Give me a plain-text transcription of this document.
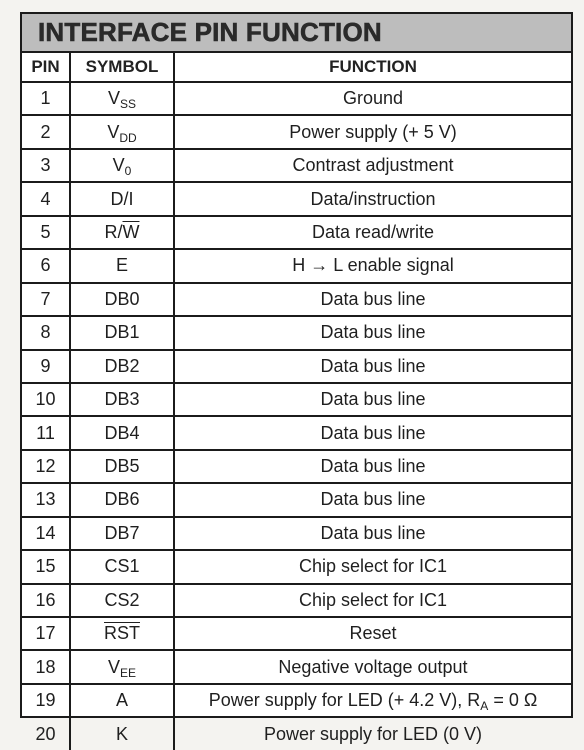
INTERFACE PIN FUNCTION
PIN	SYMBOL	FUNCTION
1	$V_{SS}$	Ground
2	$V_{DD}$	Power supply (+ 5 V)
3	$V_0$	Contrast adjustment
4	D/I	Data/instruction
5	$R/\overline{W}$	Data read/write
6	E	H → L enable signal
7	DB0	Data bus line
8	DB1	Data bus line
9	DB2	Data bus line
10	DB3	Data bus line
11	DB4	Data bus line
12	DB5	Data bus line
13	DB6	Data bus line
14	DB7	Data bus line
15	CS1	Chip select for IC1
16	CS2	Chip select for IC1
17	$\overline{RST}$	Reset
18	$V_{EE}$	Negative voltage output
19	A	Power supply for LED (+ 4.2 V), $R_A = 0$ Ω
20	K	Power supply for LED (0 V)
